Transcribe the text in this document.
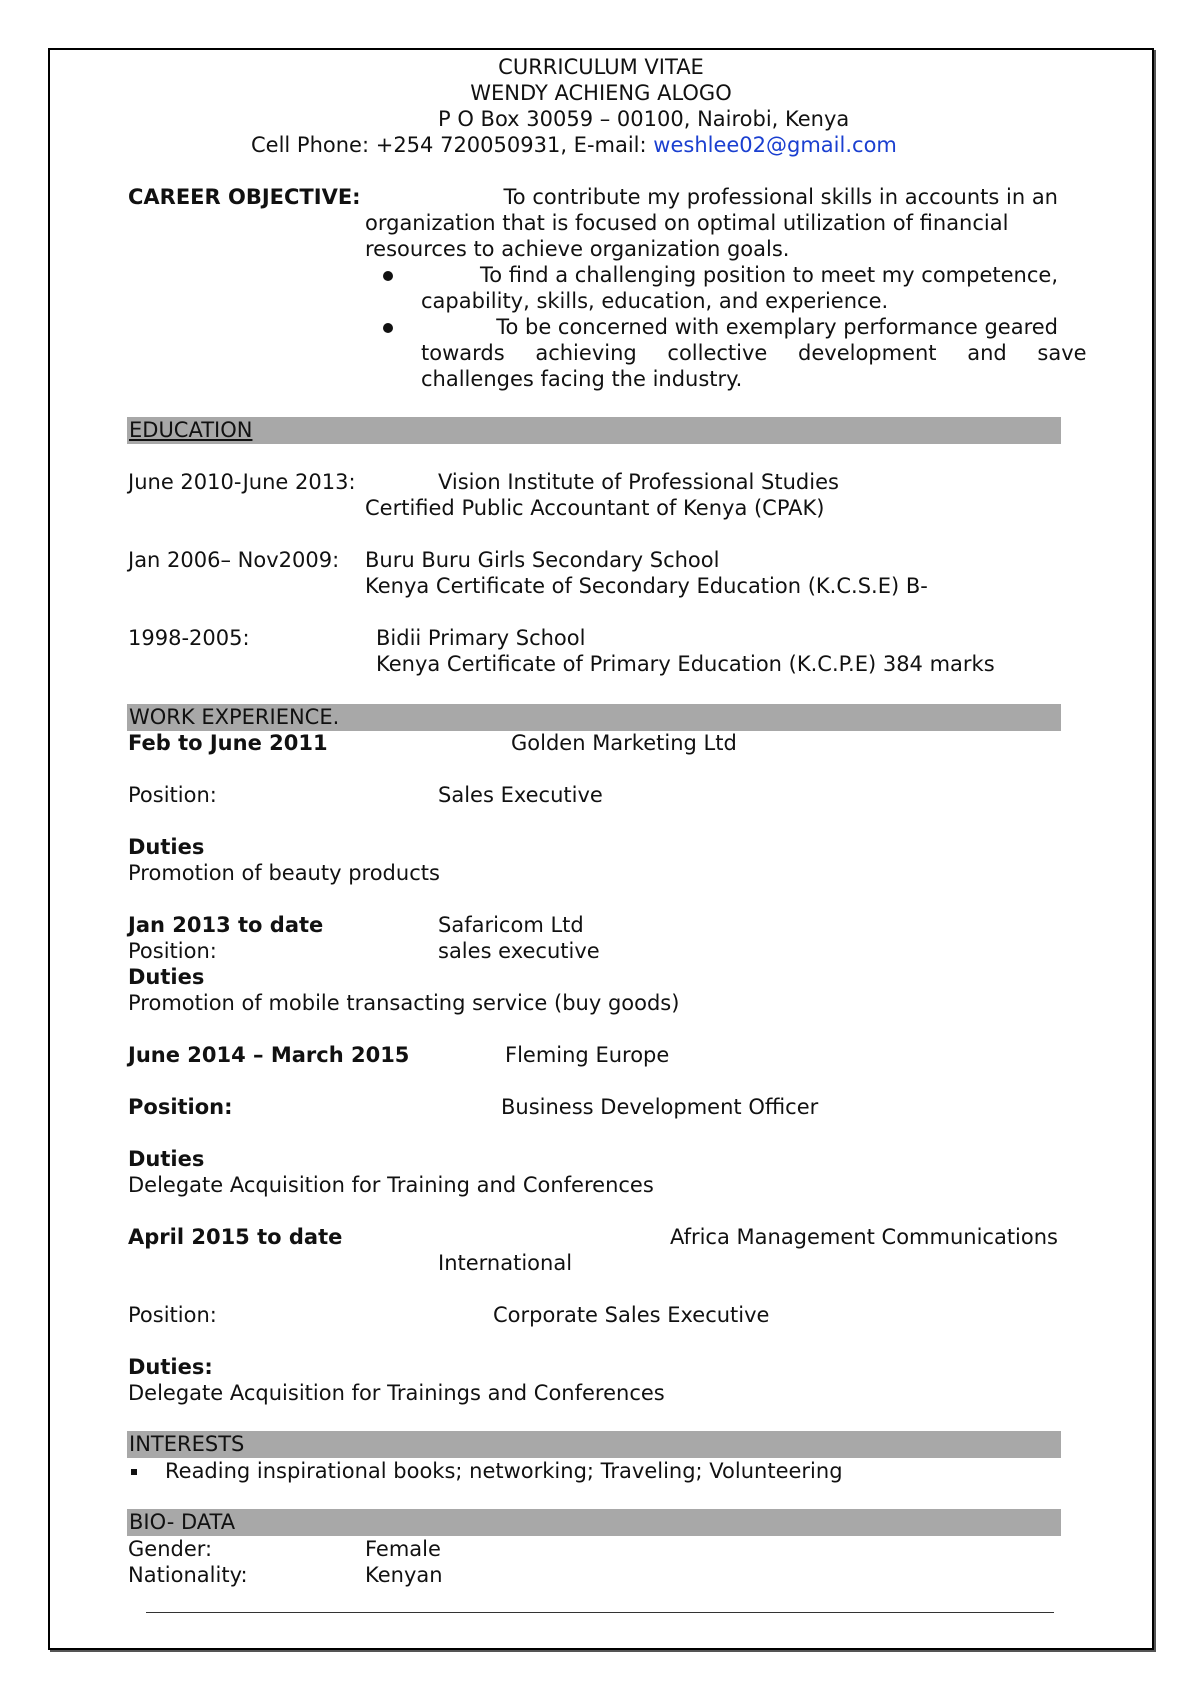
CURRICULUM VITAE
WENDY ACHIENG ALOGO
P O Box 30059 – 00100, Nairobi, Kenya
Cell Phone: +254 720050931, E-mail: weshlee02@gmail.com
CAREER OBJECTIVE:	To contribute my professional skills in accounts in an
organization that is focused on optimal utilization of financial
resources to achieve organization goals.
To find a challenging position to meet my competence,
capability, skills, education, and experience.
To be concerned with exemplary performance geared
towards achieving collective development and save
challenges facing the industry.
EDUCATION
June 2010-June 2013:	Vision Institute of Professional Studies
Certified Public Accountant of Kenya (CPAK)
Jan 2006– Nov2009: Buru Buru Girls Secondary School
Kenya Certificate of Secondary Education (K.C.S.E) B-
1998-2005:	Bidii Primary School
Kenya Certificate of Primary Education (K.C.P.E) 384 marks
WORK EXPERIENCE.
Feb to June 2011	Golden Marketing Ltd
Position:	Sales Executive
Duties
Promotion of beauty products
Jan 2013 to date	Safaricom Ltd
Position:	sales executive
Duties
Promotion of mobile transacting service (buy goods)
June 2014 – March 2015	Fleming Europe
Position:	Business Development Officer
Duties
Delegate Acquisition for Training and Conferences
April 2015 to date	Africa Management Communications
International
Position:	Corporate Sales Executive
Duties:
Delegate Acquisition for Trainings and Conferences
INTERESTS
Reading inspirational books; networking; Traveling; Volunteering
BIO- DATA
Gender:	Female
Nationality:	Kenyan
